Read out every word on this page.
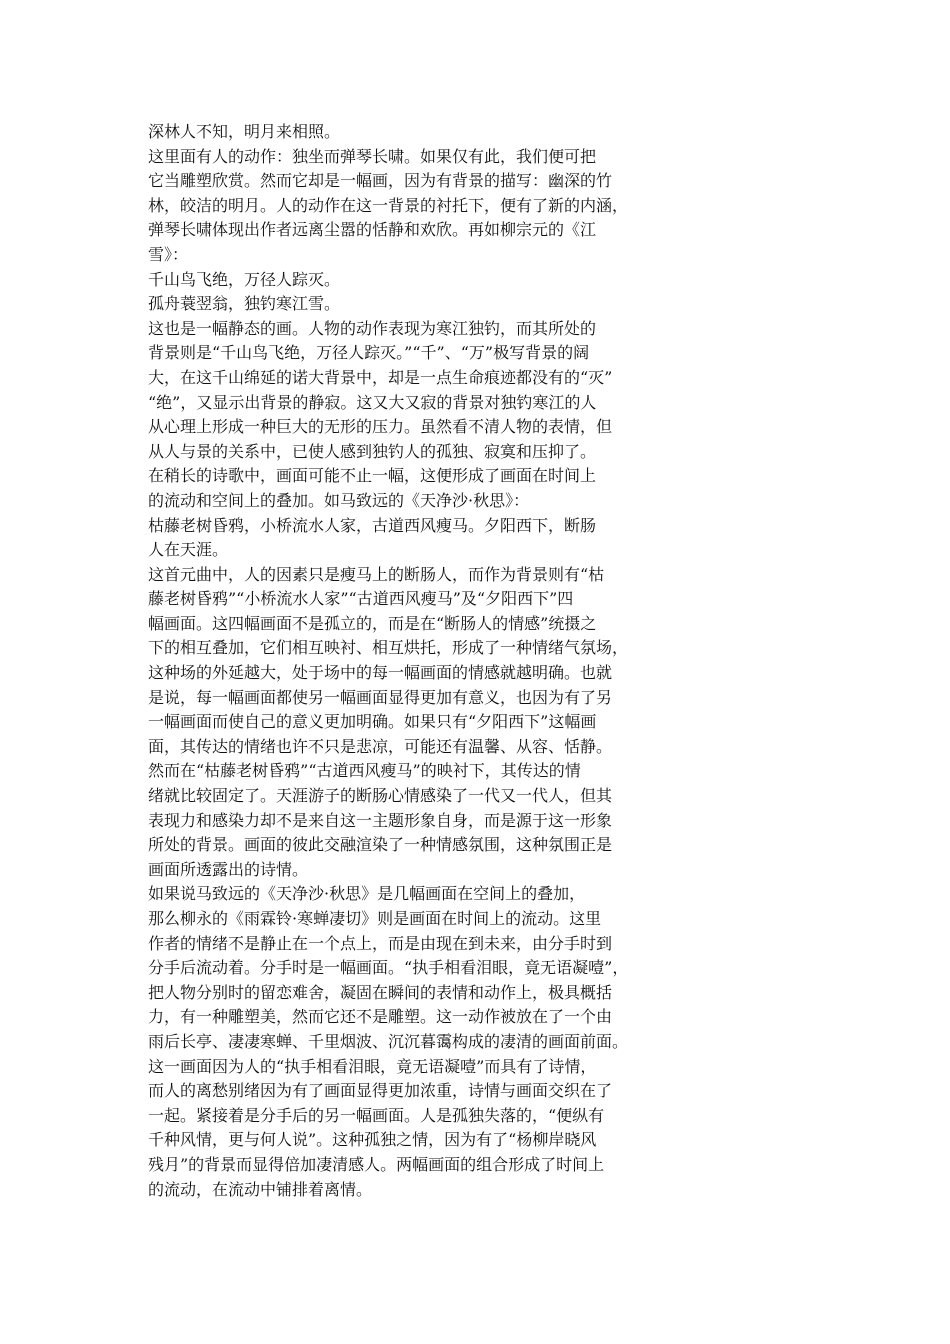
深林人不知，明月来相照。
这里面有人的动作：独坐而弹琴长啸。如果仅有此，我们便可把
它当雕塑欣赏。然而它却是一幅画，因为有背景的描写：幽深的竹
林，皎洁的明月。人的动作在这一背景的衬托下，便有了新的内涵，
弹琴长啸体现出作者远离尘嚣的恬静和欢欣。再如柳宗元的《江
雪》：
千山鸟飞绝，万径人踪灭。
孤舟蓑翌翁，独钓寒江雪。
这也是一幅静态的画。人物的动作表现为寒江独钓，而其所处的
背景则是“千山鸟飞绝，万径人踪灭。”“千”、“万”极写背景的阔
大，在这千山绵延的诺大背景中，却是一点生命痕迹都没有的“灭”
“绝”，又显示出背景的静寂。这又大又寂的背景对独钓寒江的人
从心理上形成一种巨大的无形的压力。虽然看不清人物的表情，但
从人与景的关系中，已使人感到独钓人的孤独、寂寞和压抑了。
在稍长的诗歌中，画面可能不止一幅，这便形成了画面在时间上
的流动和空间上的叠加。如马致远的《天净沙·秋思》：
枯藤老树昏鸦，小桥流水人家，古道西风瘦马。夕阳西下，断肠
人在天涯。
这首元曲中，人的因素只是瘦马上的断肠人，而作为背景则有“枯
藤老树昏鸦”“小桥流水人家”“古道西风瘦马”及“夕阳西下”四
幅画面。这四幅画面不是孤立的，而是在“断肠人的情感”统摄之
下的相互叠加，它们相互映衬、相互烘托，形成了一种情绪气氛场，
这种场的外延越大，处于场中的每一幅画面的情感就越明确。也就
是说，每一幅画面都使另一幅画面显得更加有意义，也因为有了另
一幅画面而使自己的意义更加明确。如果只有“夕阳西下”这幅画
面，其传达的情绪也许不只是悲凉，可能还有温馨、从容、恬静。
然而在“枯藤老树昏鸦”“古道西风瘦马”的映衬下，其传达的情
绪就比较固定了。天涯游子的断肠心情感染了一代又一代人，但其
表现力和感染力却不是来自这一主题形象自身，而是源于这一形象
所处的背景。画面的彼此交融渲染了一种情感氛围，这种氛围正是
画面所透露出的诗情。
如果说马致远的《天净沙·秋思》是几幅画面在空间上的叠加，
那么柳永的《雨霖铃·寒蝉凄切》则是画面在时间上的流动。这里
作者的情绪不是静止在一个点上，而是由现在到未来，由分手时到
分手后流动着。分手时是一幅画面。“执手相看泪眼，竟无语凝噎”，
把人物分别时的留恋难舍，凝固在瞬间的表情和动作上，极具概括
力，有一种雕塑美，然而它还不是雕塑。这一动作被放在了一个由
雨后长亭、凄凄寒蝉、千里烟波、沉沉暮霭构成的凄清的画面前面。
这一画面因为人的“执手相看泪眼，竟无语凝噎”而具有了诗情，
而人的离愁别绪因为有了画面显得更加浓重，诗情与画面交织在了
一起。紧接着是分手后的另一幅画面。人是孤独失落的，“便纵有
千种风情，更与何人说”。这种孤独之情，因为有了“杨柳岸晓风
残月”的背景而显得倍加凄清感人。两幅画面的组合形成了时间上
的流动，在流动中铺排着离情。
